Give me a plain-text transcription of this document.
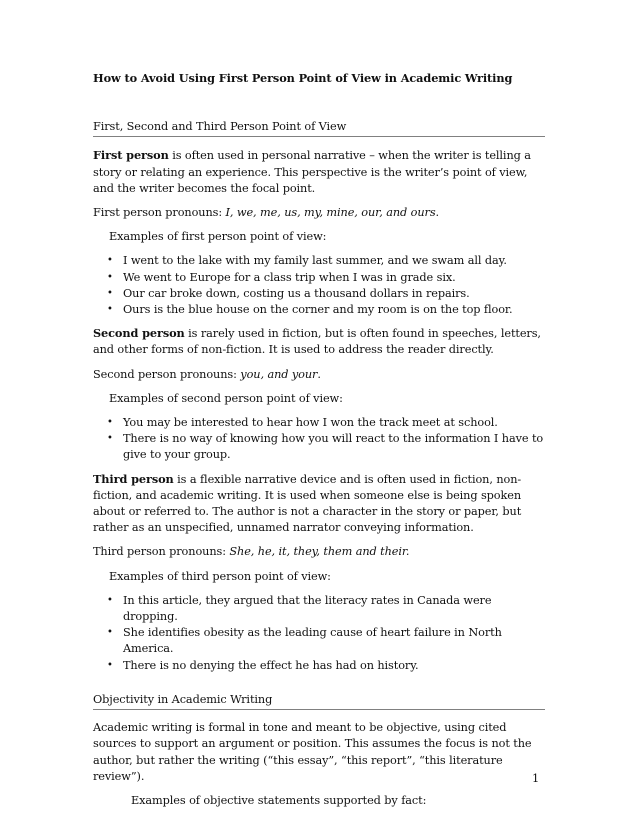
How to Avoid Using First Person Point of View in Academic Writing
First, Second and Third Person Point of View

First person is often used in personal narrative – when the writer is telling a story or relating an experience. This perspective is the writer’s point of view, and the writer becomes the focal point.

First person pronouns: I, we, me, us, my, mine, our, and ours.

Examples of first person point of view:
• I went to the lake with my family last summer, and we swam all day.
• We went to Europe for a class trip when I was in grade six.
• Our car broke down, costing us a thousand dollars in repairs.
• Ours is the blue house on the corner and my room is on the top floor.

Second person is rarely used in fiction, but is often found in speeches, letters, and other forms of non-fiction. It is used to address the reader directly.

Second person pronouns: you, and your.

Examples of second person point of view:
• You may be interested to hear how I won the track meet at school.
• There is no way of knowing how you will react to the information I have to give to your group.

Third person is a flexible narrative device and is often used in fiction, non-fiction, and academic writing. It is used when someone else is being spoken about or referred to. The author is not a character in the story or paper, but rather as an unspecified, unnamed narrator conveying information.

Third person pronouns: She, he, it, they, them and their.

Examples of third person point of view:
• In this article, they argued that the literacy rates in Canada were dropping.
• She identifies obesity as the leading cause of heart failure in North America.
• There is no denying the effect he has had on history.
Objectivity in Academic Writing

Academic writing is formal in tone and meant to be objective, using cited sources to support an argument or position. This assumes the focus is not the author, but rather the writing (“this essay”, “this report”, “this literature review”).

Examples of objective statements supported by fact:
1
